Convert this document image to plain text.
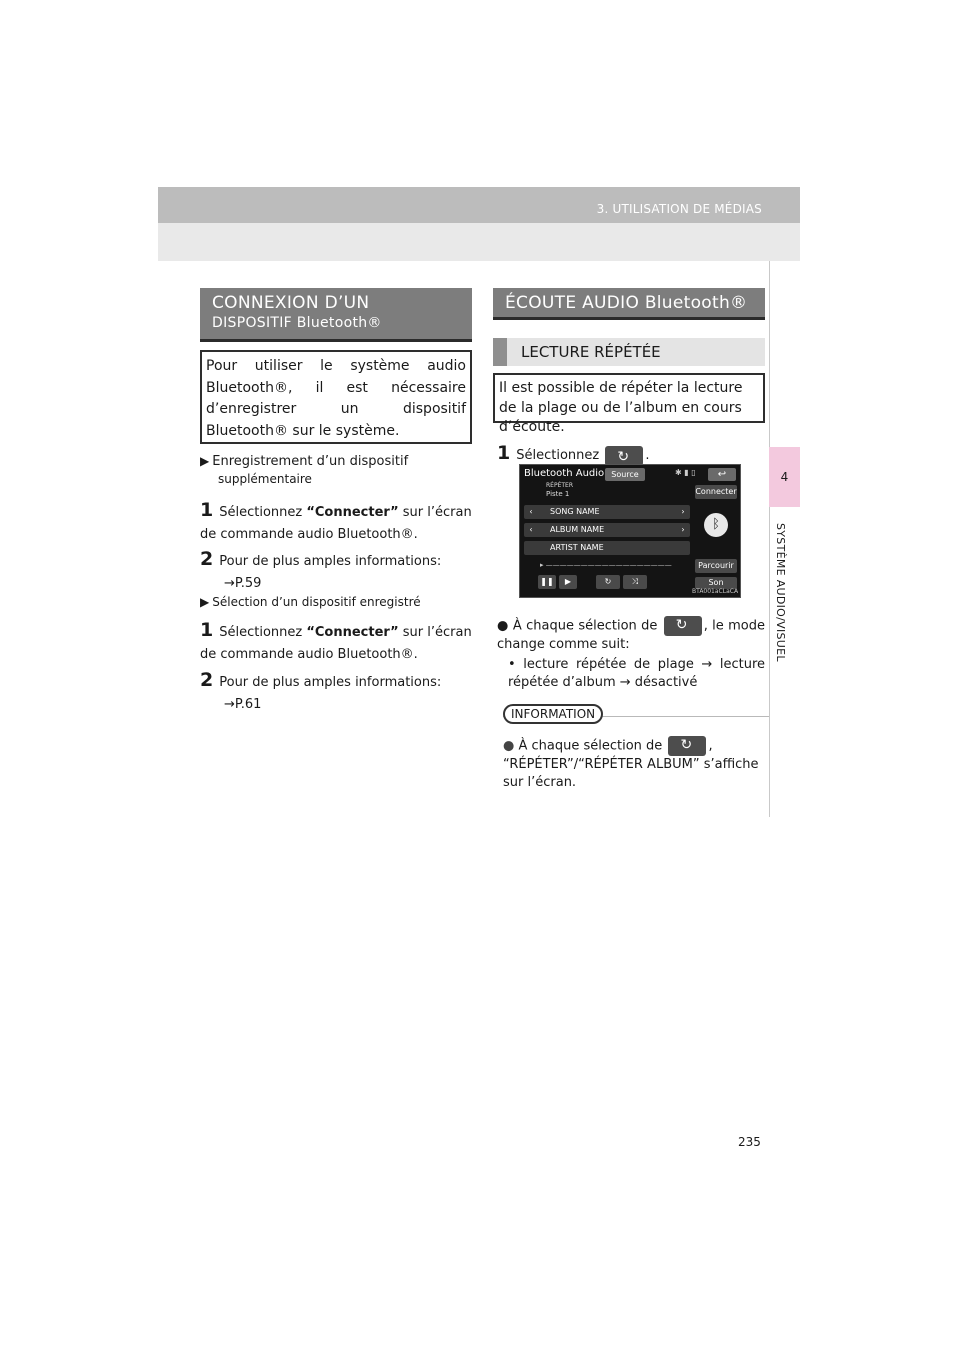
3. UTILISATION DE MÉDIAS
4
SYSTÈME AUDIO/VISUEL
CONNEXION D’UN
DISPOSITIF Bluetooth®
Pour utiliser le système audio Bluetooth®, il est nécessaire d’enregistrer un dispositif Bluetooth® sur le système.
▶ Enregistrement d’un dispositif
supplémentaire
1 Sélectionnez “Connecter” sur l’écran de commande audio Bluetooth®.
2 Pour de plus amples informations:
→P.59
▶ Sélection d’un dispositif enregistré
1 Sélectionnez “Connecter” sur l’écran de commande audio Bluetooth®.
2 Pour de plus amples informations:
→P.61
ÉCOUTE AUDIO Bluetooth®
LECTURE RÉPÉTÉE
Il est possible de répéter la lecture de la plage ou de l’album en cours d’écoute.
1 Sélectionnez ↻	.
Bluetooth Audio Source	✱ ▮ ▯	↩
RÉPÉTER
Piste 1	Connecter
‹	SONG NAME	›
‹	ALBUM NAME	›
ARTIST NAME
ᛒ
▸ ——————————————————
❚❚	▶	↻	⤨
Parcourir
Son
BTA001aCLaCA
● À chaque sélection de ↻	, le mode change comme suit:
• lecture répétée de plage → lecture répétée d’album → désactivé
INFORMATION
● À chaque sélection de ↻	,
“RÉPÉTER”/“RÉPÉTER ALBUM” s’affiche sur l’écran.
235
